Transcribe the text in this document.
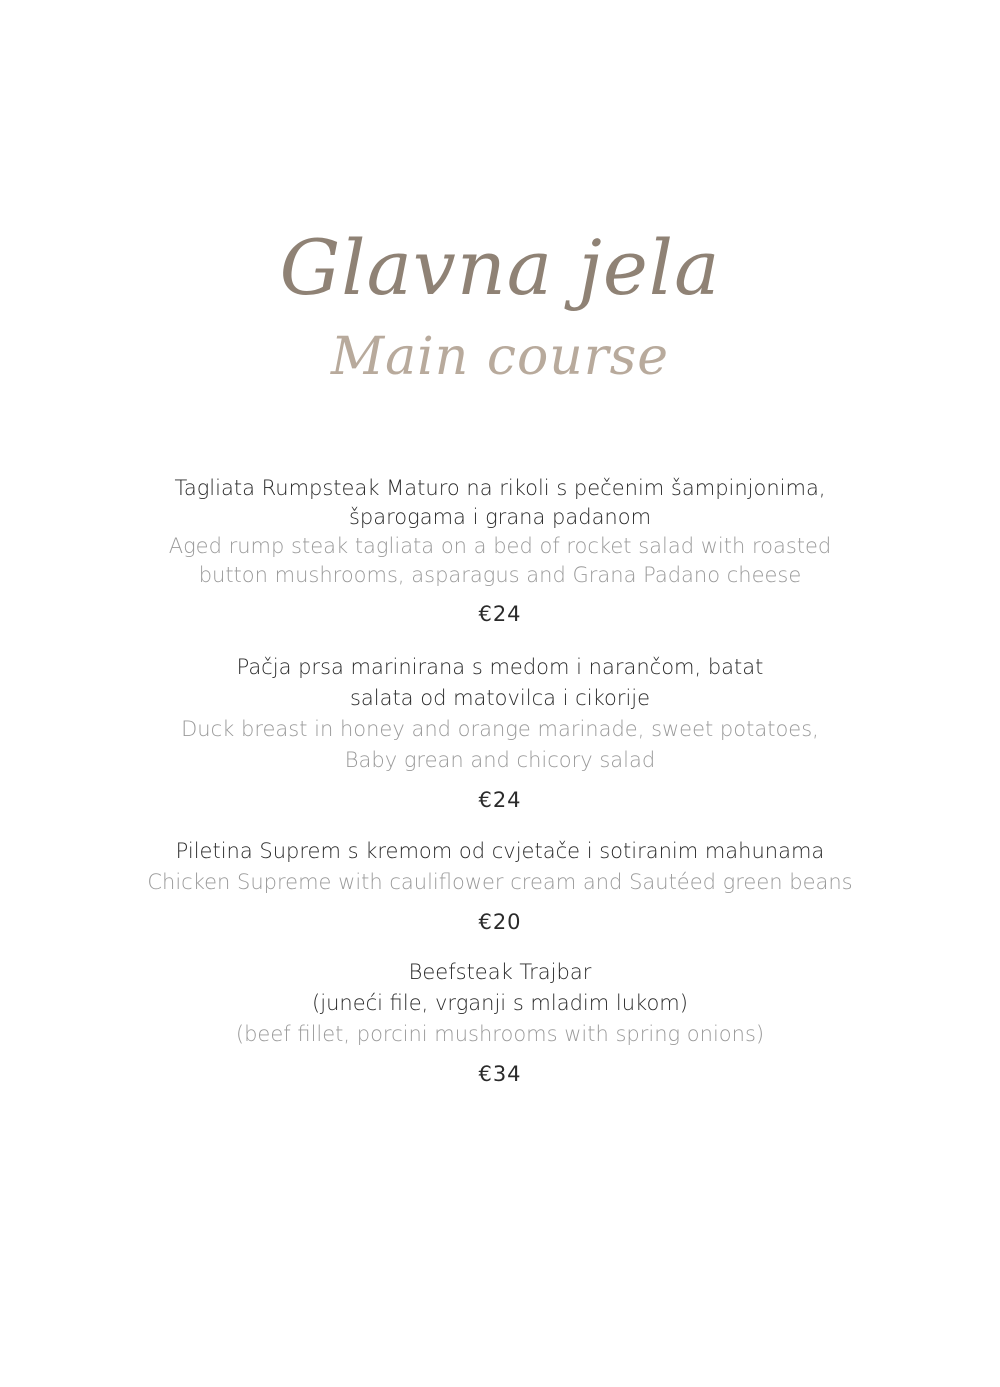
Glavna jela
Main course
Tagliata Rumpsteak Maturo na rikoli s pečenim šampinjonima,
šparogama i grana padanom
Aged rump steak tagliata on a bed of rocket salad with roasted
button mushrooms, asparagus and Grana Padano cheese
€24
Pačja prsa marinirana s medom i narančom, batat
salata od matovilca i cikorije
Duck breast in honey and orange marinade, sweet potatoes,
Baby grean and chicory salad
€24
Piletina Suprem s kremom od cvjetače i sotiranim mahunama
Chicken Supreme with cauliflower cream and Sautéed green beans
€20
Beefsteak Trajbar
(juneći file, vrganji s mladim lukom)
(beef fillet, porcini mushrooms with spring onions)
€34
